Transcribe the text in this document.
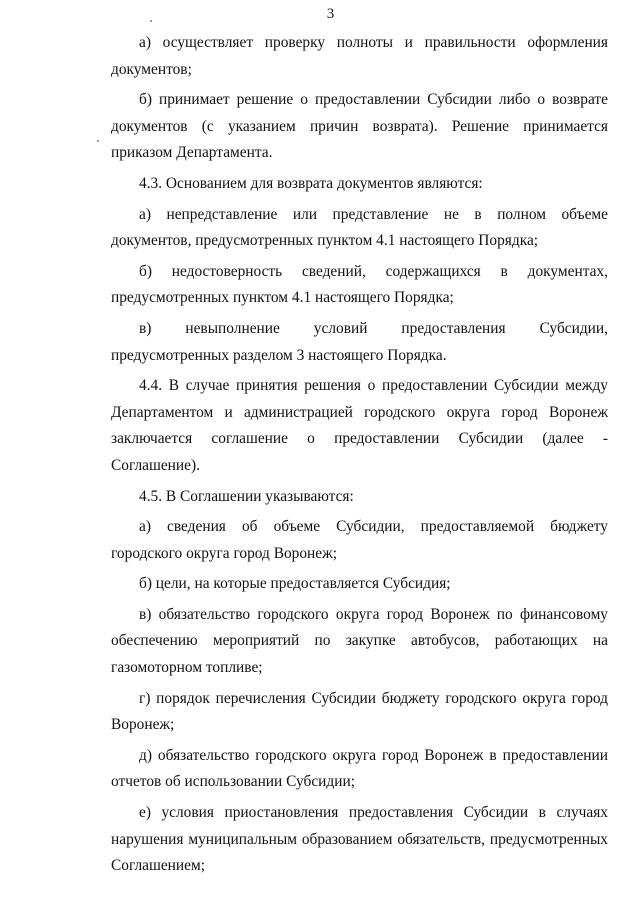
3

а) осуществляет проверку полноты и правильности оформления документов;

б) принимает решение о предоставлении Субсидии либо о возврате документов (с указанием причин возврата). Решение принимается приказом Департамента.

4.3. Основанием для возврата документов являются:

а) непредставление или представление не в полном объеме документов, предусмотренных пунктом 4.1 настоящего Порядка;

б) недостоверность сведений, содержащихся в документах, предусмотренных пунктом 4.1 настоящего Порядка;

в) невыполнение условий предоставления Субсидии, предусмотренных разделом 3 настоящего Порядка.

4.4. В случае принятия решения о предоставлении Субсидии между Департаментом и администрацией городского округа город Воронеж заключается соглашение о предоставлении Субсидии (далее - Соглашение).

4.5. В Соглашении указываются:

а) сведения об объеме Субсидии, предоставляемой бюджету городского округа город Воронеж;

б) цели, на которые предоставляется Субсидия;

в) обязательство городского округа город Воронеж по финансовому обеспечению мероприятий по закупке автобусов, работающих на газомоторном топливе;

г) порядок перечисления Субсидии бюджету городского округа город Воронеж;

д) обязательство городского округа город Воронеж в предоставлении отчетов об использовании Субсидии;

е) условия приостановления предоставления Субсидии в случаях нарушения муниципальным образованием обязательств, предусмотренных Соглашением;
